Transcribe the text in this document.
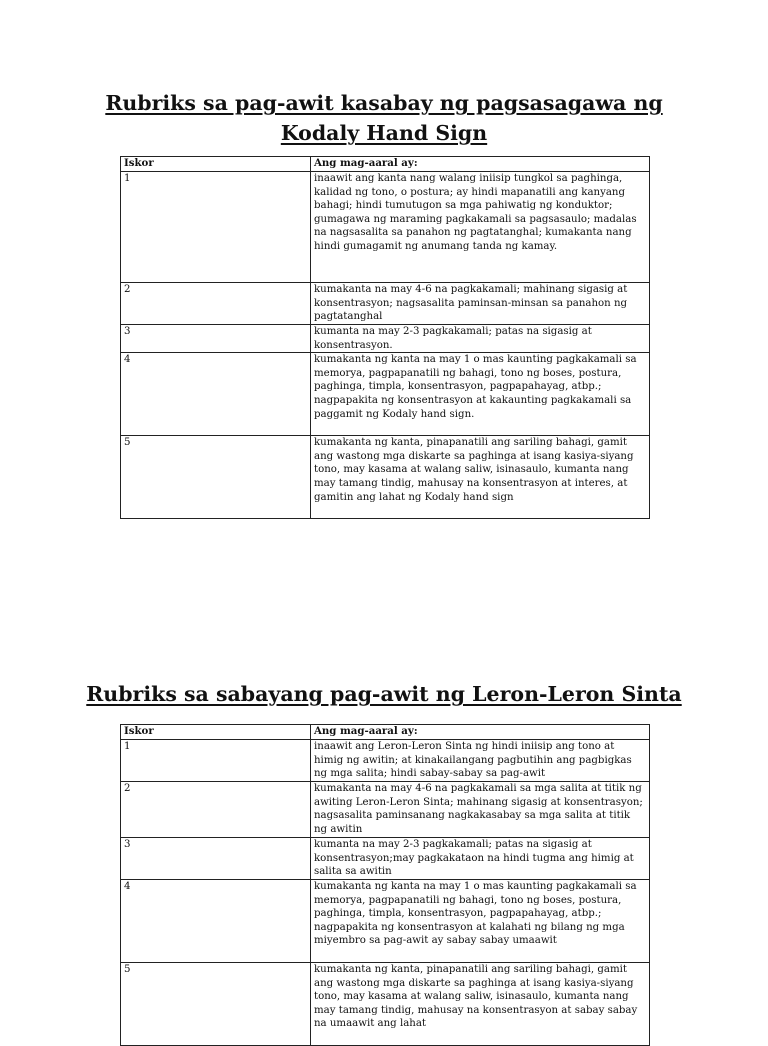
Rubriks sa pag-awit kasabay ng pagsasagawa ng
Kodaly Hand Sign
Iskor	Ang mag-aaral ay:
1	inaawit ang kanta nang walang iniisip tungkol sa paghinga, kalidad ng tono, o postura; ay hindi mapanatili ang kanyang bahagi; hindi tumutugon sa mga pahiwatig ng konduktor; gumagawa ng maraming pagkakamali sa pagsasaulo; madalas na nagsasalita sa panahon ng pagtatanghal; kumakanta nang hindi gumagamit ng anumang tanda ng kamay.
2	kumakanta na may 4-6 na pagkakamali; mahinang sigasig at konsentrasyon; nagsasalita paminsan-minsan sa panahon ng pagtatanghal
3	kumanta na may 2-3 pagkakamali; patas na sigasig at konsentrasyon.
4	kumakanta ng kanta na may 1 o mas kaunting pagkakamali sa memorya, pagpapanatili ng bahagi, tono ng boses, postura, paghinga, timpla, konsentrasyon, pagpapahayag, atbp.; nagpapakita ng konsentrasyon at kakaunting pagkakamali sa paggamit ng Kodaly hand sign.
5	kumakanta ng kanta, pinapanatili ang sariling bahagi, gamit ang wastong mga diskarte sa paghinga at isang kasiya-siyang tono, may kasama at walang saliw, isinasaulo, kumanta nang may tamang tindig, mahusay na konsentrasyon at interes, at gamitin ang lahat ng Kodaly hand sign
Rubriks sa sabayang pag-awit ng Leron-Leron Sinta
Iskor	Ang mag-aaral ay:
1	inaawit ang Leron-Leron Sinta ng hindi iniisip ang tono at himig ng awitin; at kinakailangang pagbutihin ang pagbigkas ng mga salita; hindi sabay-sabay sa pag-awit
2	kumakanta na may 4-6 na pagkakamali sa mga salita at titik ng awiting Leron-Leron Sinta; mahinang sigasig at konsentrasyon; nagsasalita paminsanang nagkakasabay sa mga salita at titik ng awitin
3	kumanta na may 2-3 pagkakamali; patas na sigasig at konsentrasyon;may pagkakataon na hindi tugma ang himig at salita sa awitin
4	kumakanta ng kanta na may 1 o mas kaunting pagkakamali sa memorya, pagpapanatili ng bahagi, tono ng boses, postura, paghinga, timpla, konsentrasyon, pagpapahayag, atbp.; nagpapakita ng konsentrasyon at kalahati ng bilang ng mga miyembro sa pag-awit ay sabay sabay umaawit
5	kumakanta ng kanta, pinapanatili ang sariling bahagi, gamit ang wastong mga diskarte sa paghinga at isang kasiya-siyang tono, may kasama at walang saliw, isinasaulo, kumanta nang may tamang tindig, mahusay na konsentrasyon at sabay sabay na umaawit ang lahat
